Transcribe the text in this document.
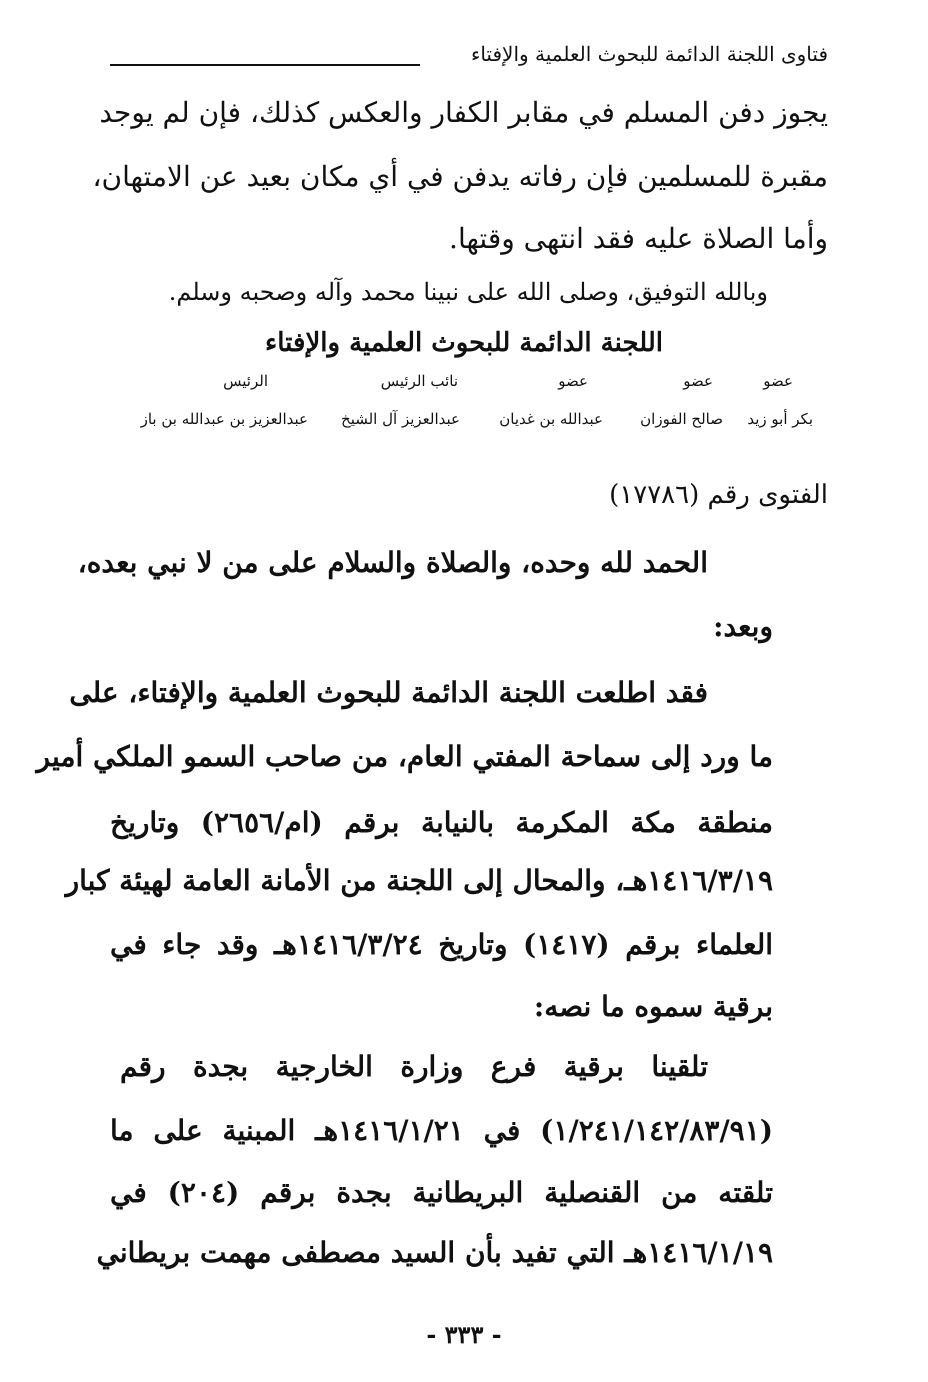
فتاوى اللجنة الدائمة للبحوث العلمية والإفتاء
يجوز دفن المسلم في مقابر الكفار والعكس كذلك، فإن لم يوجد
مقبرة للمسلمين فإن رفاته يدفن في أي مكان بعيد عن الامتهان،
وأما الصلاة عليه فقد انتهى وقتها.
وبالله التوفيق، وصلى الله على نبينا محمد وآله وصحبه وسلم.
اللجنة الدائمة للبحوث العلمية والإفتاء
عضو
عضو
عضو
نائب الرئيس
الرئيس
بكر أبو زيد
صالح الفوزان
عبدالله بن غديان
عبدالعزيز آل الشيخ
عبدالعزيز بن عبدالله بن باز
الفتوى رقم (١٧٧٨٦)
الحمد لله وحده، والصلاة والسلام على من لا نبي بعده،
وبعد:
فقد اطلعت اللجنة الدائمة للبحوث العلمية والإفتاء، على
ما ورد إلى سماحة المفتي العام، من صاحب السمو الملكي أمير
منطقة مكة المكرمة بالنيابة برقم (ام/٢٦٥٦) وتاريخ
١٤١٦/٣/١٩هـ، والمحال إلى اللجنة من الأمانة العامة لهيئة كبار
العلماء برقم (١٤١٧) وتاريخ ١٤١٦/٣/٢٤هـ وقد جاء في
برقية سموه ما نصه:
تلقينا برقية فرع وزارة الخارجية بجدة رقم
(١/٢٤١/١٤٢/٨٣/٩١) في ١٤١٦/١/٢١هـ المبنية على ما
تلقته من القنصلية البريطانية بجدة برقم (٢٠٤) في
١٤١٦/١/١٩هـ التي تفيد بأن السيد مصطفى مهمت بريطاني
- ٣٣٣ -
